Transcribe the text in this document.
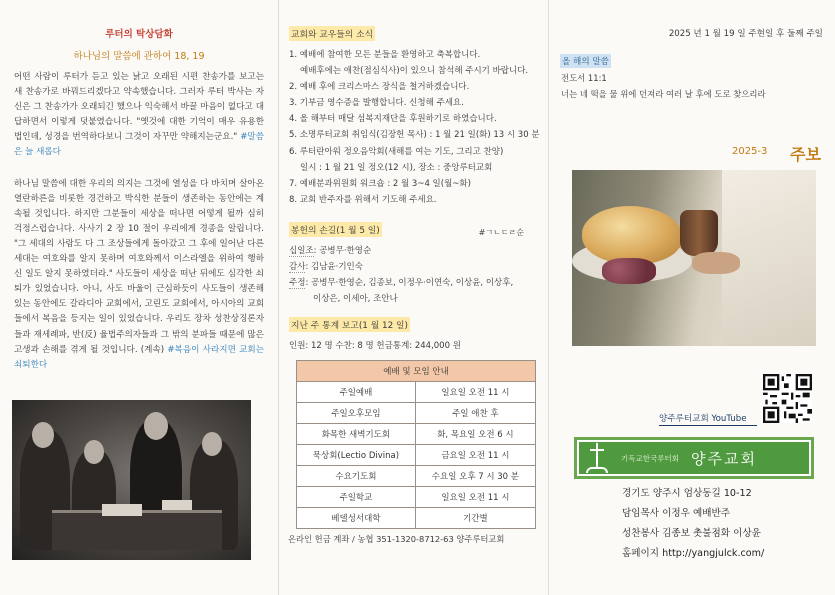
루터의 탁상담화
하나님의 말씀에 관하여 18, 19

어떤 사람이 루터가 듣고 있는 낡고 오래된 시편 찬송가를 보고는 새 찬송가로 바꿔드리겠다고 약속했습니다. 그러자 루터 박사는 자신은 그 찬송가가 오래되긴 했으나 익숙해서 바꿀 마음이 없다고 대답하면서 이렇게 덧붙였습니다. "옛것에 대한 기억이 매우 유용한 법인데, 성경을 번역하다보니 그것이 자꾸만 약해지는군요." #말씀은 늘 새롭다

하나님 말씀에 대한 우리의 의지는 그것에 열성을 다 바치며 살아온 열란하른을 비롯한 경건하고 박식한 분들이 생존하는 동안에는 계속될 것입니다. 하지만 그분들이 세상을 떠나면 어떻게 될까 심히 걱정스럽습니다. 사사기 2 장 10 절이 우리에게 경종을 알립니다. "그 세대의 사람도 다 그 조상들에게 돌아갔고 그 후에 일어난 다른 세대는 여호와를 알지 못하며 여호와께서 이스라엘을 위하여 행하신 일도 알지 못하였더라." 사도들이 세상을 떠난 뒤에도 심각한 쇠퇴가 있었습니다. 아니, 사도 바울이 근심하듯이 사도들이 생존해 있는 동안에도 갈라디아 교회에서, 고린도 교회에서, 아시아의 교회들에서 복음을 등지는 일이 있었습니다. 우리도 장차 성찬상징론자들과 재세례파, 반(反) 율법주의자들과 그 밖의 분파들 때문에 많은 고생과 손해를 겪게 될 것입니다. (계속) #복음이 사라지면 교회는 쇠퇴한다

교회와 교우들의 소식
1. 예배에 참여한 모든 분들을 환영하고 축복합니다.
예배후에는 애찬(점심식사)이 있으니 참석해 주시기 바랍니다.
2. 예배 후에 크리스마스 장식을 철거하겠습니다.
3. 기부금 영수증을 발행합니다. 신청해 주세요.
4. 올 해부터 매달 섬복지재단을 후원하기로 하였습니다.
5. 소명루터교회 취임식(김장헌 목사) : 1 월 21 일(화) 13 시 30 분
6. 루터란아워 정오음악회(새해를 여는 기도, 그리고 찬양)
일시 : 1 월 21 일 정오(12 시), 장소 : 중앙루터교회
7. 예배분과위원회 워크숍 : 2 월 3~4 일(월~화)
8. 교회 반주자를 위해서 기도해 주세요.
봉헌의 손길(1 월 5 일)	#ㄱㄴㄷㄹ순
십일조: 공병무·한영순
감사: 김남윤·기인숙
주정: 공병무·한영순, 김종보, 이정우·이연숙, 이상윤, 이상후,
이상은, 이세아, 조안나
지난 주 통계 보고(1 월 12 일)
인원: 12 명 수찬: 8 명 헌금통계: 244,000 원
예배 및 모임 안내	
주일예배	일요일 오전 11 시
주일오후모임	주일 애찬 후
화목한 새벽기도회	화, 목요일 오전 6 시
묵상회(Lectio Divina)	금요일 오전 11 시
수요기도회	수요일 오후 7 시 30 분
주일학교	일요일 오전 11 시
베델성서대학	기간별
온라인 헌금 계좌 / 농협 351-1320-8712-63 양주루터교회
2025 년 1 월 19 일 주현일 후 둘째 주일
올 해의 말씀
전도서 11:1
너는 네 떡을 물 위에 던져라 여러 날 후에 도로 찾으리라
2025-3 주보
양주루터교회 YouTube
기독교한국루터회 양주교회
경기도 양주시 엄상동길 10-12
담임목사 이정우 예배반주
성찬봉사 김종보 촛불점화 이상윤
홈페이지 http://yangjulck.com/
